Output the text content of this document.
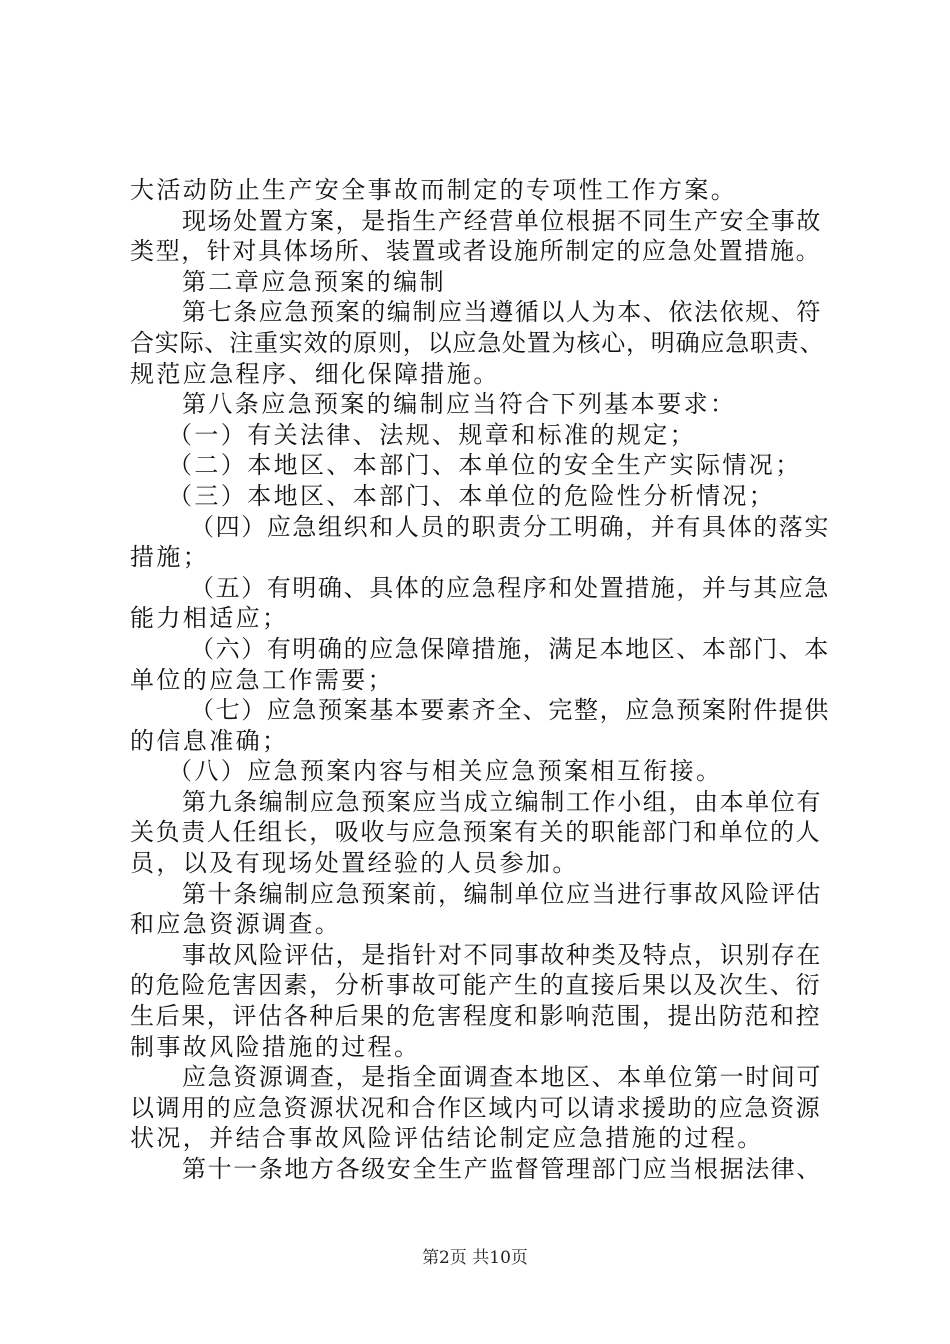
大活动防止生产安全事故而制定的专项性工作方案。
现场处置方案，是指生产经营单位根据不同生产安全事故
类型，针对具体场所、装置或者设施所制定的应急处置措施。
第二章应急预案的编制
第七条应急预案的编制应当遵循以人为本、依法依规、符
合实际、注重实效的原则，以应急处置为核心，明确应急职责、
规范应急程序、细化保障措施。
第八条应急预案的编制应当符合下列基本要求：
（一）有关法律、法规、规章和标准的规定；
（二）本地区、本部门、本单位的安全生产实际情况；
（三）本地区、本部门、本单位的危险性分析情况；
（四）应急组织和人员的职责分工明确，并有具体的落实
措施；
（五）有明确、具体的应急程序和处置措施，并与其应急
能力相适应；
（六）有明确的应急保障措施，满足本地区、本部门、本
单位的应急工作需要；
（七）应急预案基本要素齐全、完整，应急预案附件提供
的信息准确；
（八）应急预案内容与相关应急预案相互衔接。
第九条编制应急预案应当成立编制工作小组，由本单位有
关负责人任组长，吸收与应急预案有关的职能部门和单位的人
员，以及有现场处置经验的人员参加。
第十条编制应急预案前，编制单位应当进行事故风险评估
和应急资源调查。
事故风险评估，是指针对不同事故种类及特点，识别存在
的危险危害因素，分析事故可能产生的直接后果以及次生、衍
生后果，评估各种后果的危害程度和影响范围，提出防范和控
制事故风险措施的过程。
应急资源调查，是指全面调查本地区、本单位第一时间可
以调用的应急资源状况和合作区域内可以请求援助的应急资源
状况，并结合事故风险评估结论制定应急措施的过程。
第十一条地方各级安全生产监督管理部门应当根据法律、
第2页 共10页
